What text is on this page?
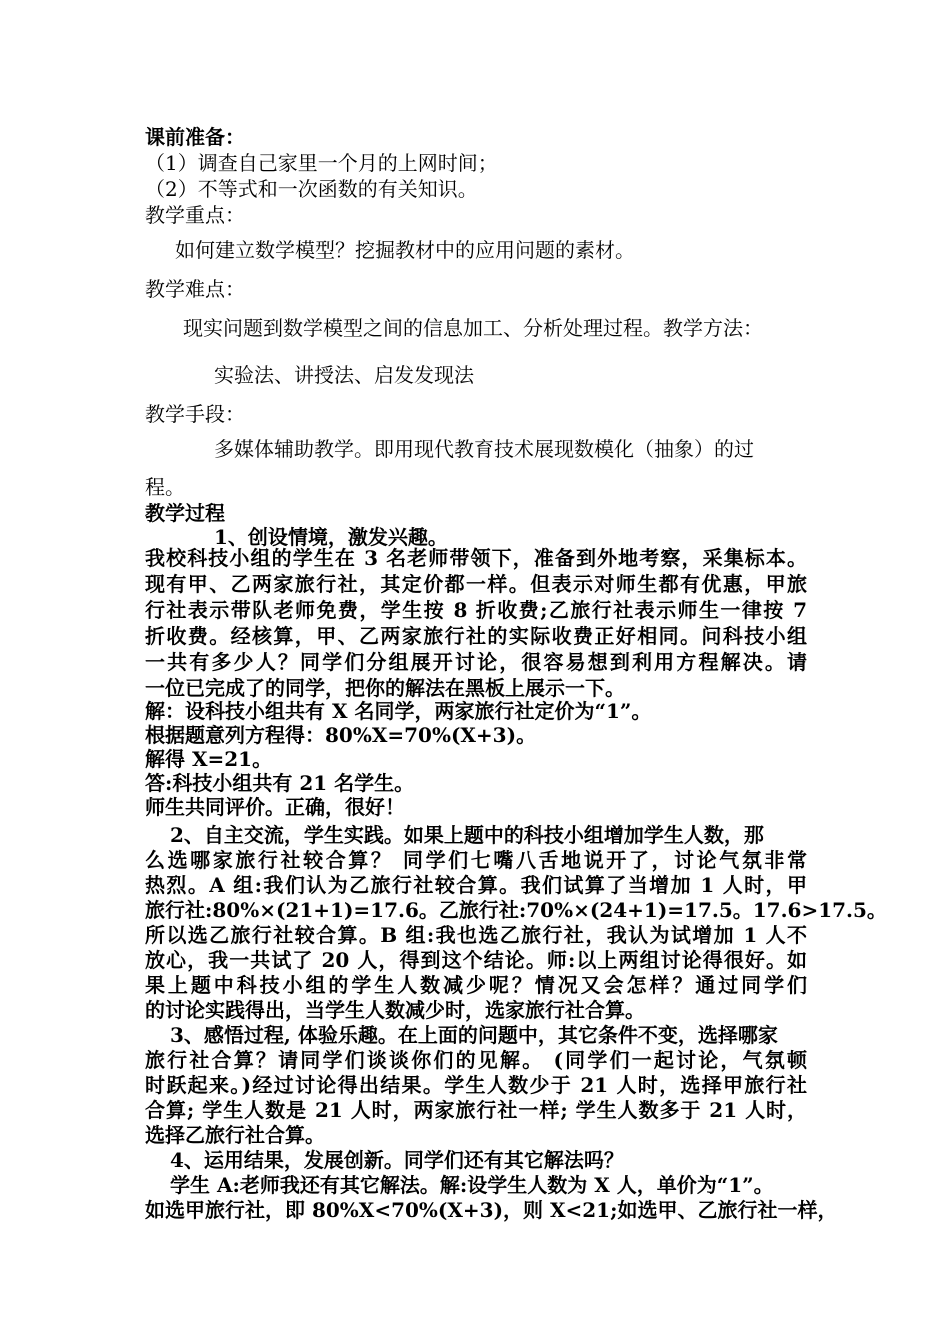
课前准备：
（1）调查自己家里一个月的上网时间；
（2）不等式和一次函数的有关知识。
教学重点：
如何建立数学模型？挖掘教材中的应用问题的素材。
教学难点：
现实问题到数学模型之间的信息加工、分析处理过程。教学方法：
实验法、讲授法、启发发现法
教学手段：
多媒体辅助教学。即用现代教育技术展现数模化（抽象）的过
程。
教学过程
1、创设情境，激发兴趣。
我校科技小组的学生在 3 名老师带领下，准备到外地考察，采集标本。
现有甲、乙两家旅行社，其定价都一样。但表示对师生都有优惠，甲旅
行社表示带队老师免费，学生按 8 折收费;乙旅行社表示师生一律按 7
折收费。经核算，甲、乙两家旅行社的实际收费正好相同。问科技小组
一共有多少人？同学们分组展开讨论，很容易想到利用方程解决。请
一位已完成了的同学，把你的解法在黑板上展示一下。
解：设科技小组共有 X 名同学，两家旅行社定价为“1”。
根据题意列方程得：80%X=70%(X+3)。
解得 X=21。
答:科技小组共有 21 名学生。
师生共同评价。正确，很好！
2、自主交流，学生实践。如果上题中的科技小组增加学生人数，那
么选哪家旅行社较合算？ 同学们七嘴八舌地说开了，讨论气氛非常
热烈。A 组:我们认为乙旅行社较合算。我们试算了当增加 1 人时，甲
旅行社:80%×(21+1)=17.6。乙旅行社:70%×(24+1)=17.5。17.6>17.5。
所以选乙旅行社较合算。B 组:我也选乙旅行社，我认为试增加 1 人不
放心，我一共试了 20 人，得到这个结论。师:以上两组讨论得很好。如
果上题中科技小组的学生人数减少呢？情况又会怎样？通过同学们
的讨论实践得出，当学生人数减少时，选家旅行社合算。
3、感悟过程, 体验乐趣。在上面的问题中，其它条件不变，选择哪家
旅行社合算？请同学们谈谈你们的见解。 (同学们一起讨论，气氛顿
时跃起来。)经过讨论得出结果。学生人数少于 21 人时，选择甲旅行社
合算; 学生人数是 21 人时，两家旅行社一样; 学生人数多于 21 人时，
选择乙旅行社合算。
4、运用结果，发展创新。同学们还有其它解法吗？
学生 A:老师我还有其它解法。解:设学生人数为 X 人，单价为“1”。
如选甲旅行社，即 80%X<70%(X+3)，则 X<21;如选甲、乙旅行社一样，
